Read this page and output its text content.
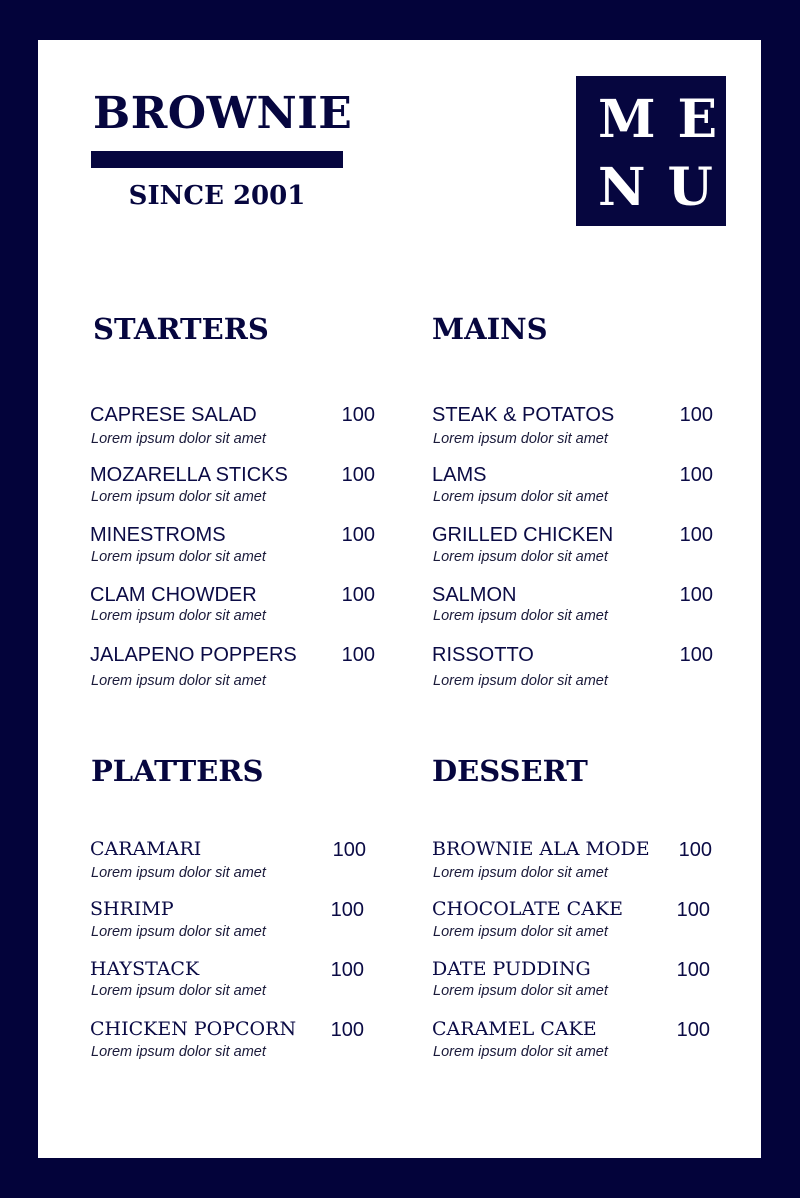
BROWNIE
SINCE 2001
ME
NU
STARTERS
CAPRESE SALAD	100
Lorem ipsum dolor sit amet
MOZARELLA STICKS	100
Lorem ipsum dolor sit amet
MINESTROMS	100
Lorem ipsum dolor sit amet
CLAM CHOWDER	100
Lorem ipsum dolor sit amet
JALAPENO POPPERS 100
Lorem ipsum dolor sit amet
MAINS
STEAK & POTATOS	100
Lorem ipsum dolor sit amet
LAMS	100
Lorem ipsum dolor sit amet
GRILLED CHICKEN	100
Lorem ipsum dolor sit amet
SALMON	100
Lorem ipsum dolor sit amet
RISSOTTO	100
Lorem ipsum dolor sit amet
PLATTERS
CARAMARI	100
Lorem ipsum dolor sit amet
SHRIMP	100
Lorem ipsum dolor sit amet
HAYSTACK	100
Lorem ipsum dolor sit amet
CHICKEN POPCORN 100
Lorem ipsum dolor sit amet
DESSERT
BROWNIE ALA MODE 100
Lorem ipsum dolor sit amet
CHOCOLATE CAKE	100
Lorem ipsum dolor sit amet
DATE PUDDING	100
Lorem ipsum dolor sit amet
CARAMEL CAKE	100
Lorem ipsum dolor sit amet
